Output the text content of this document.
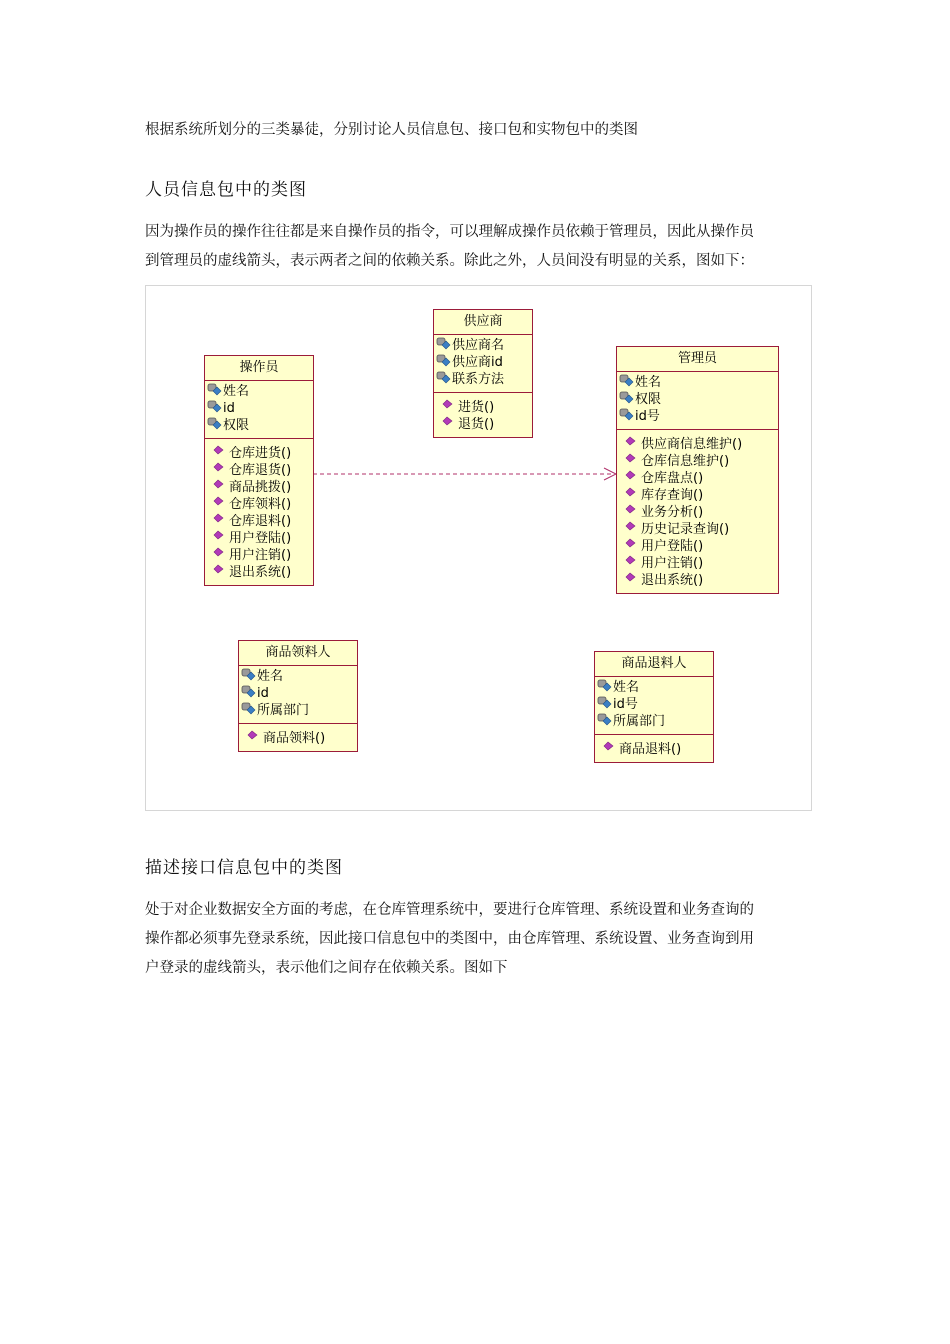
根据系统所划分的三类暴徒，分别讨论人员信息包、接口包和实物包中的类图

人员信息包中的类图

因为操作员的操作往往都是来自操作员的指令，可以理解成操作员依赖于管理员，因此从操作员

到管理员的虚线箭头，表示两者之间的依赖关系。除此之外，人员间没有明显的关系，图如下：

操作员
姓名
id
权限
仓库进货()
仓库退货()
商品挑拨()
仓库领料()
仓库退料()
用户登陆()
用户注销()
退出系统()
供应商
供应商名
供应商id
联系方法
进货()
退货()
管理员
姓名
权限
id号
供应商信息维护()
仓库信息维护()
仓库盘点()
库存查询()
业务分析()
历史记录查询()
用户登陆()
用户注销()
退出系统()
商品领料人
姓名
id
所属部门
商品领料()
商品退料人
姓名
id号
所属部门
商品退料()
描述接口信息包中的类图

处于对企业数据安全方面的考虑，在仓库管理系统中，要进行仓库管理、系统设置和业务查询的

操作都必须事先登录系统，因此接口信息包中的类图中，由仓库管理、系统设置、业务查询到用

户登录的虚线箭头，表示他们之间存在依赖关系。图如下
